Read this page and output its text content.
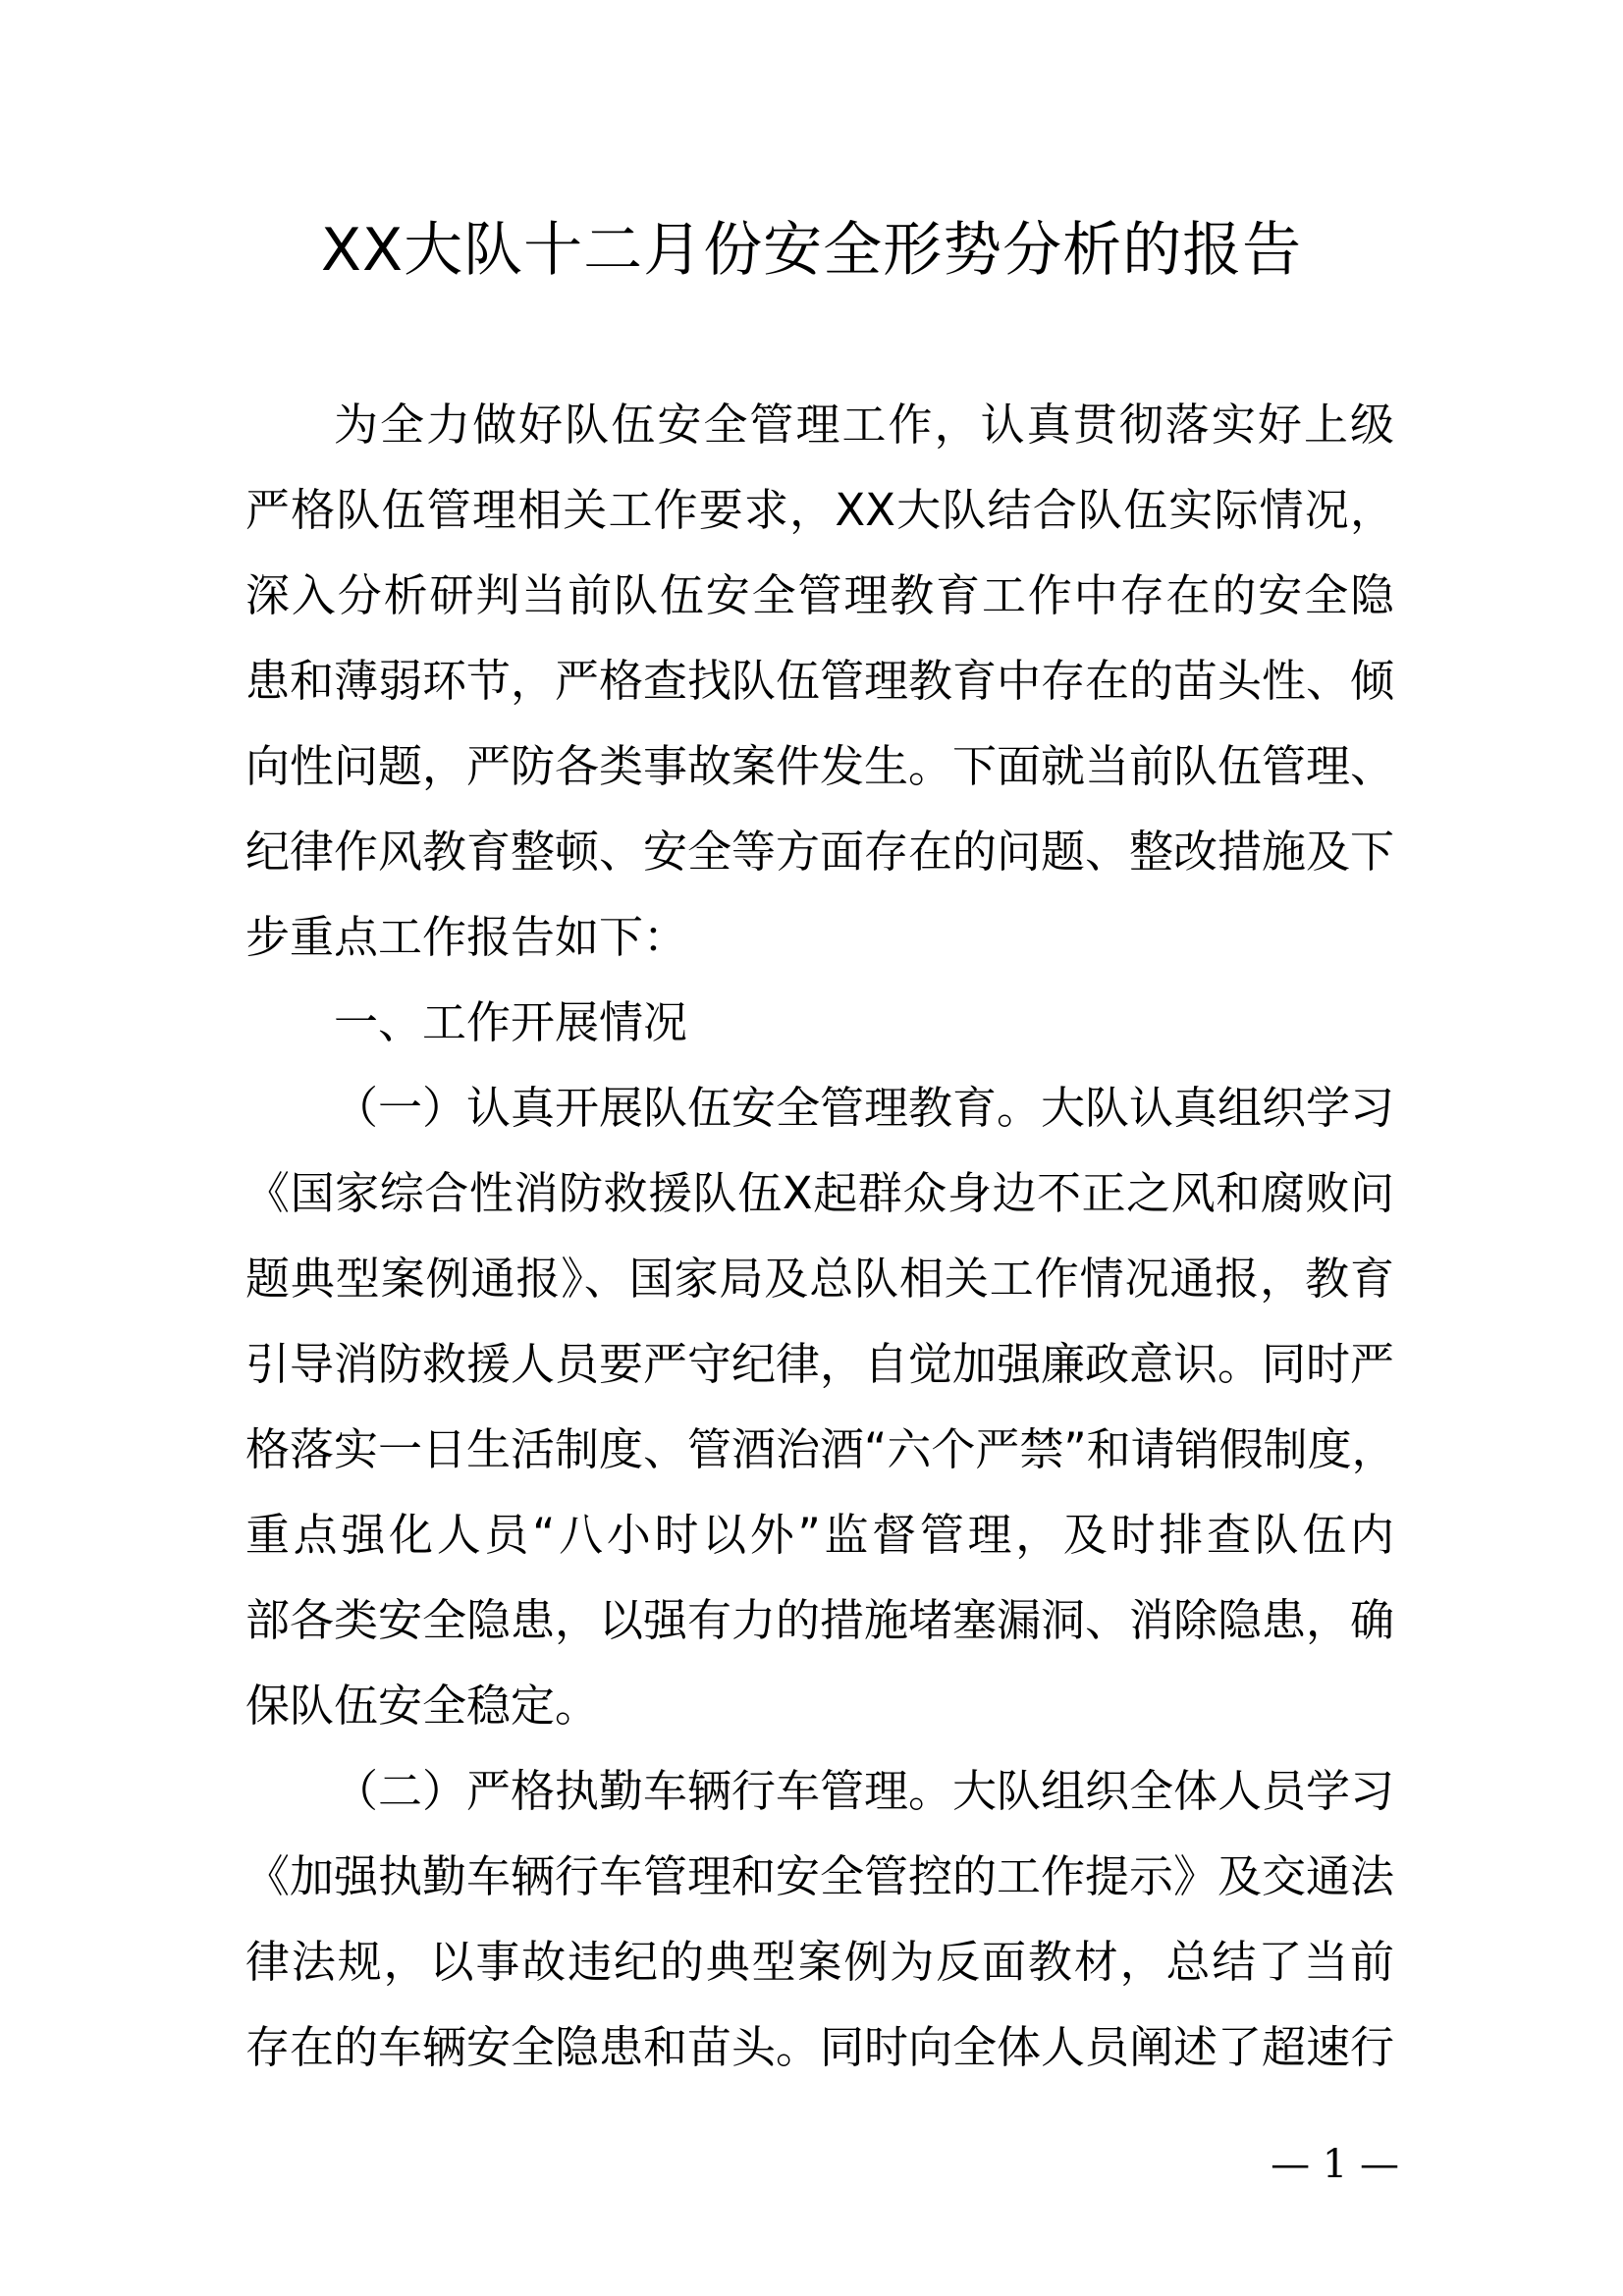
XX大队十二月份安全形势分析的报告
为全力做好队伍安全管理工作，认真贯彻落实好上级
严格队伍管理相关工作要求，XX大队结合队伍实际情况，
深入分析研判当前队伍安全管理教育工作中存在的安全隐
患和薄弱环节，严格查找队伍管理教育中存在的苗头性、倾
向性问题，严防各类事故案件发生。下面就当前队伍管理、
纪律作风教育整顿、安全等方面存在的问题、整改措施及下
步重点工作报告如下：
一、工作开展情况
（一）认真开展队伍安全管理教育。大队认真组织学习
《国家综合性消防救援队伍X起群众身边不正之风和腐败问
题典型案例通报》、国家局及总队相关工作情况通报，教育
引导消防救援人员要严守纪律，自觉加强廉政意识。同时严
格落实一日生活制度、管酒治酒“六个严禁”和请销假制度，
重点强化人员“八小时以外”监督管理，及时排查队伍内
部各类安全隐患，以强有力的措施堵塞漏洞、消除隐患，确
保队伍安全稳定。
（二）严格执勤车辆行车管理。大队组织全体人员学习
《加强执勤车辆行车管理和安全管控的工作提示》及交通法
律法规，以事故违纪的典型案例为反面教材，总结了当前
存在的车辆安全隐患和苗头。同时向全体人员阐述了超速行
— 1 —
